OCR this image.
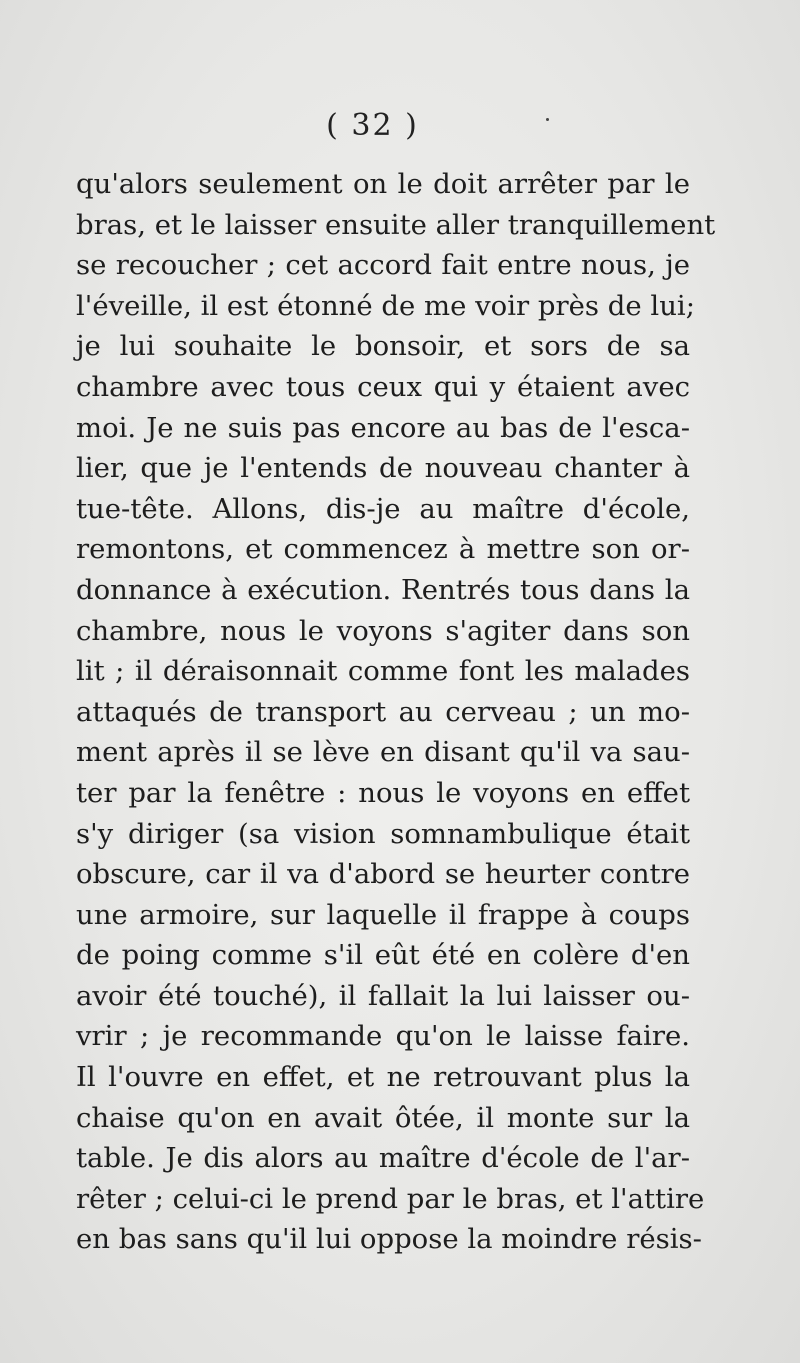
( 32 )
qu'alors seulement on le doit arrêter par le
bras, et le laisser ensuite aller tranquillement
se recoucher ; cet accord fait entre nous, je
l'éveille, il est étonné de me voir près de lui;
je lui souhaite le bonsoir, et sors de sa
chambre avec tous ceux qui y étaient avec
moi. Je ne suis pas encore au bas de l'esca-
lier, que je l'entends de nouveau chanter à
tue-tête. Allons, dis-je au maître d'école,
remontons, et commencez à mettre son or-
donnance à exécution. Rentrés tous dans la
chambre, nous le voyons s'agiter dans son
lit ; il déraisonnait comme font les malades
attaqués de transport au cerveau ; un mo-
ment après il se lève en disant qu'il va sau-
ter par la fenêtre : nous le voyons en effet
s'y diriger (sa vision somnambulique était
obscure, car il va d'abord se heurter contre
une armoire, sur laquelle il frappe à coups
de poing comme s'il eût été en colère d'en
avoir été touché), il fallait la lui laisser ou-
vrir ; je recommande qu'on le laisse faire.
Il l'ouvre en effet, et ne retrouvant plus la
chaise qu'on en avait ôtée, il monte sur la
table. Je dis alors au maître d'école de l'ar-
rêter ; celui-ci le prend par le bras, et l'attire
en bas sans qu'il lui oppose la moindre résis-
